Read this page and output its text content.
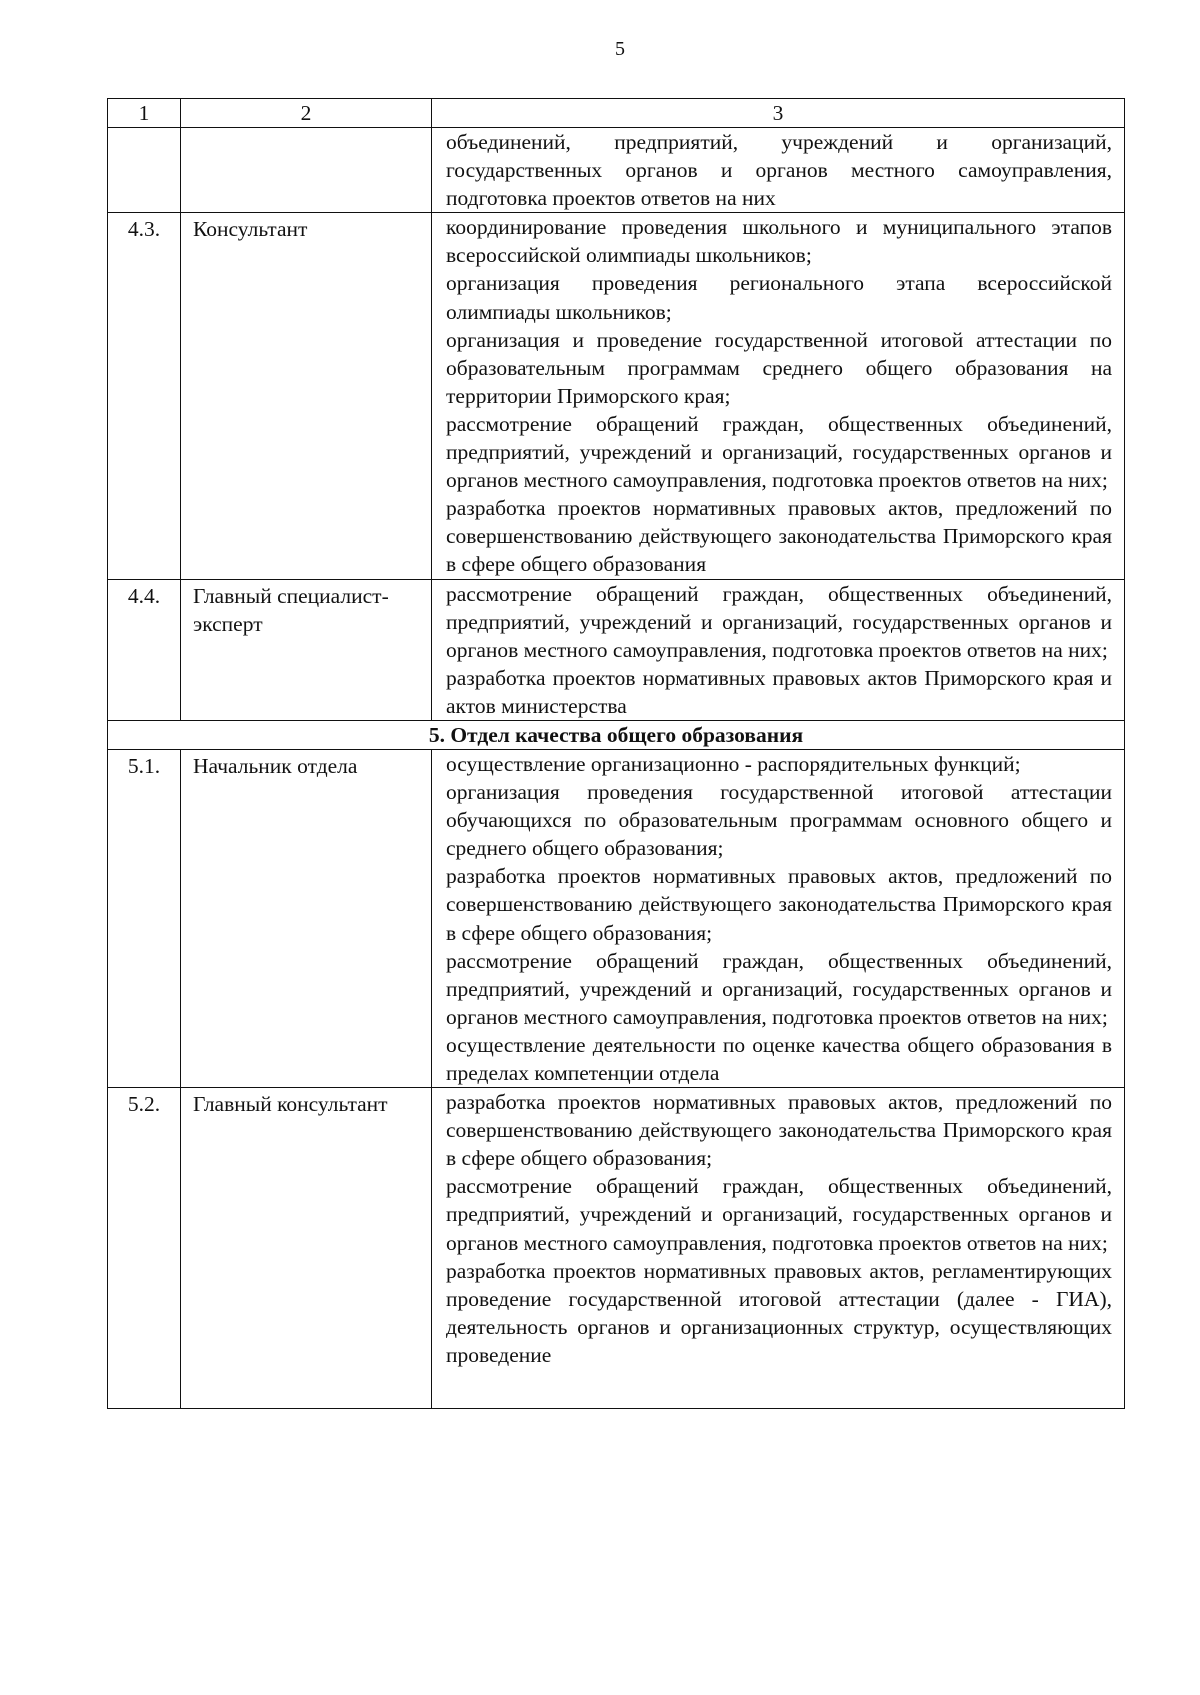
5
1	2	3

		объединений, предприятий, учреждений и организаций, государственных органов и органов местного самоуправления, подготовка проектов ответов на них

4.3.	Консультант	координирование проведения школьного и муниципального этапов всероссийской олимпиады школьников;
организация проведения регионального этапа всероссийской олимпиады школьников;
организация и проведение государственной итоговой аттестации по образовательным программам среднего общего образования на территории Приморского края;
рассмотрение обращений граждан, общественных объединений, предприятий, учреждений и организаций, государственных органов и органов местного самоуправления, подготовка проектов ответов на них;
разработка проектов нормативных правовых актов, предложений по совершенствованию действующего законодательства Приморского края в сфере общего образования

4.4.	Главный специалист-эксперт	рассмотрение обращений граждан, общественных объединений, предприятий, учреждений и организаций, государственных органов и органов местного самоуправления, подготовка проектов ответов на них;
разработка проектов нормативных правовых актов Приморского края и актов министерства

5. Отдел качества общего образования		
5.1.	Начальник отдела	осуществление организационно - распорядительных функций;
организация проведения государственной итоговой аттестации обучающихся по образовательным программам основного общего и среднего общего образования;
разработка проектов нормативных правовых актов, предложений по совершенствованию действующего законодательства Приморского края в сфере общего образования;
рассмотрение обращений граждан, общественных объединений, предприятий, учреждений и организаций, государственных органов и органов местного самоуправления, подготовка проектов ответов на них;
осуществление деятельности по оценке качества общего образования в пределах компетенции отдела

5.2.	Главный консультант	разработка проектов нормативных правовых актов, предложений по совершенствованию действующего законодательства Приморского края в сфере общего образования;
рассмотрение обращений граждан, общественных объединений, предприятий, учреждений и организаций, государственных органов и органов местного самоуправления, подготовка проектов ответов на них;
разработка проектов нормативных правовых актов, регламентирующих проведение государственной итоговой аттестации (далее - ГИА), деятельность органов и организационных структур, осуществляющих проведение
